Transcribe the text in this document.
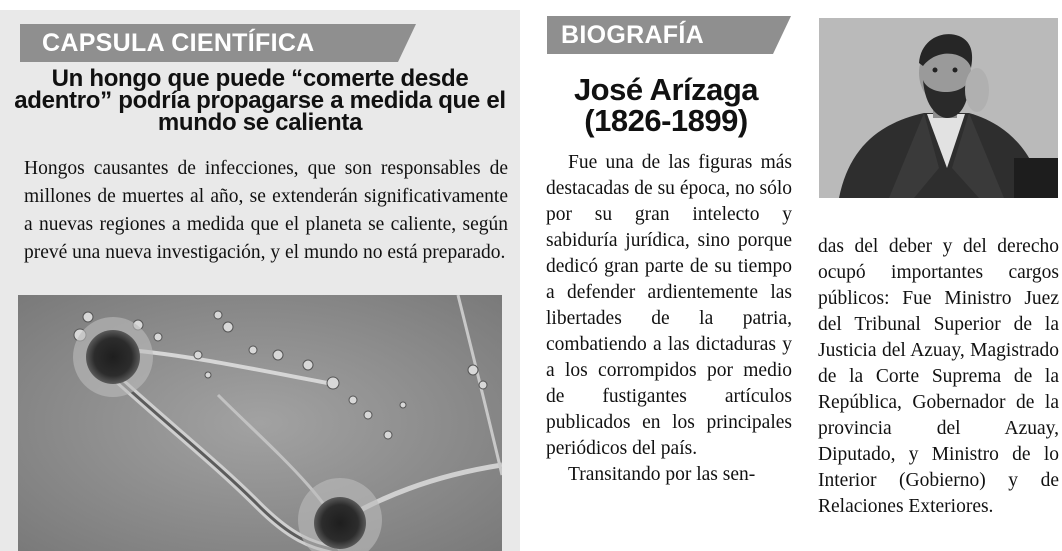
CAPSULA CIENTÍFICA
Un hongo que puede “comerte desde adentro” podría propagarse a medida que el mundo se calienta

Hongos causantes de infecciones, que son responsables de millones de muertes al año, se extenderán significativamente a nuevas regiones a medida que el planeta se caliente, según prevé una nueva investigación, y el mundo no está preparado.

BIOGRAFÍA
José Arízaga
(1826-1899)

Fue una de las figuras más destacadas de su época, no sólo por su gran intelecto y sabiduría jurídica, sino porque dedicó gran parte de su tiempo a defender ardientemente las libertades de la patria, combatiendo a las dictaduras y a los corrompidos por medio de fustigantes artículos publicados en los principales periódicos del país.

Transitando por las sen-

das del deber y del derecho ocupó importantes cargos públicos: Fue Ministro Juez del Tribunal Superior de la Justicia del Azuay, Magistrado de la Corte Suprema de la República, Gobernador de la provincia del Azuay, Diputado, y Ministro de lo Interior (Gobierno) y de Relaciones Exteriores.
